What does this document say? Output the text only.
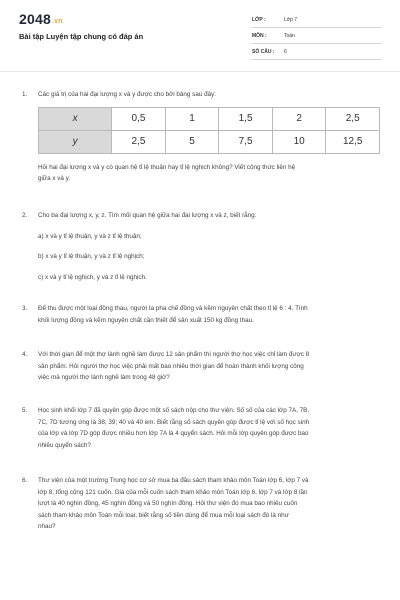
2048.vn
Bài tập Luyện tập chung có đáp án
LỚP :	Lớp 7
MÔN :	Toán
SỐ CÂU :	6
1.	Các giá trị của hai đại lượng x và y được cho bởi bảng sau đây:

x	0,5	1	1,5	2	2,5
y	2,5	5	7,5	10	12,5

Hỏi hai đại lượng x và y có quan hệ tỉ lệ thuận hay tỉ lệ nghịch không? Viết công thức liên hệ

giữa x và y.

2.	Cho ba đại lượng x, y, z. Tìm mối quan hệ giữa hai đại lượng x và z, biết rằng:

a) x và y tỉ lệ thuận, y và z tỉ lệ thuận;

b) x và y tỉ lệ thuận, y và z tỉ lệ nghịch;

c) x và y tỉ lệ nghịch, y và z tỉ lệ nghịch.

3.	Để thu được một loại đồng thau, người ta pha chế đồng và kẽm nguyên chất theo tỉ lệ 6 : 4. Tính

khối lượng đồng và kẽm nguyên chất cần thiết để sản xuất 150 kg đồng thau.

4.	Với thời gian để một thợ lành nghề làm được 12 sản phẩm thì người thợ học việc chỉ làm được 8

sản phẩm. Hỏi người thợ học việc phải mất bao nhiêu thời gian để hoàn thành khối lượng công

việc mà người thợ lành nghề làm trong 48 giờ?

5.	Học sinh khối lớp 7 đã quyên góp được một số sách nộp cho thư viện. Số số của các lớp 7A, 7B,

7C, 7D tương ứng là 38; 39; 40 và 40 em. Biết rằng số sách quyên góp được tỉ lệ với số học sinh

của lớp và lớp 7D góp được nhiều hơn lớp 7A là 4 quyển sách. Hỏi mỗi lớp quyên góp được bao

nhiêu quyển sách?

6.	Thư viện của một trường Trung học cơ sở mua ba đầu sách tham khảo môn Toán lớp 6, lớp 7 và

lớp 8, tổng cộng 121 cuốn. Giá của mỗi cuốn sách tham khảo môn Toán lớp 6, lớp 7 và lớp 8 lần

lượt là 40 nghìn đồng, 45 nghìn đồng và 50 nghìn đồng. Hỏi thư viện đó mua bao nhiêu cuốn

sách tham khảo môn Toán mỗi loại, biết rằng số tiền dùng để mua mỗi loại sách đó là như

nhau?
